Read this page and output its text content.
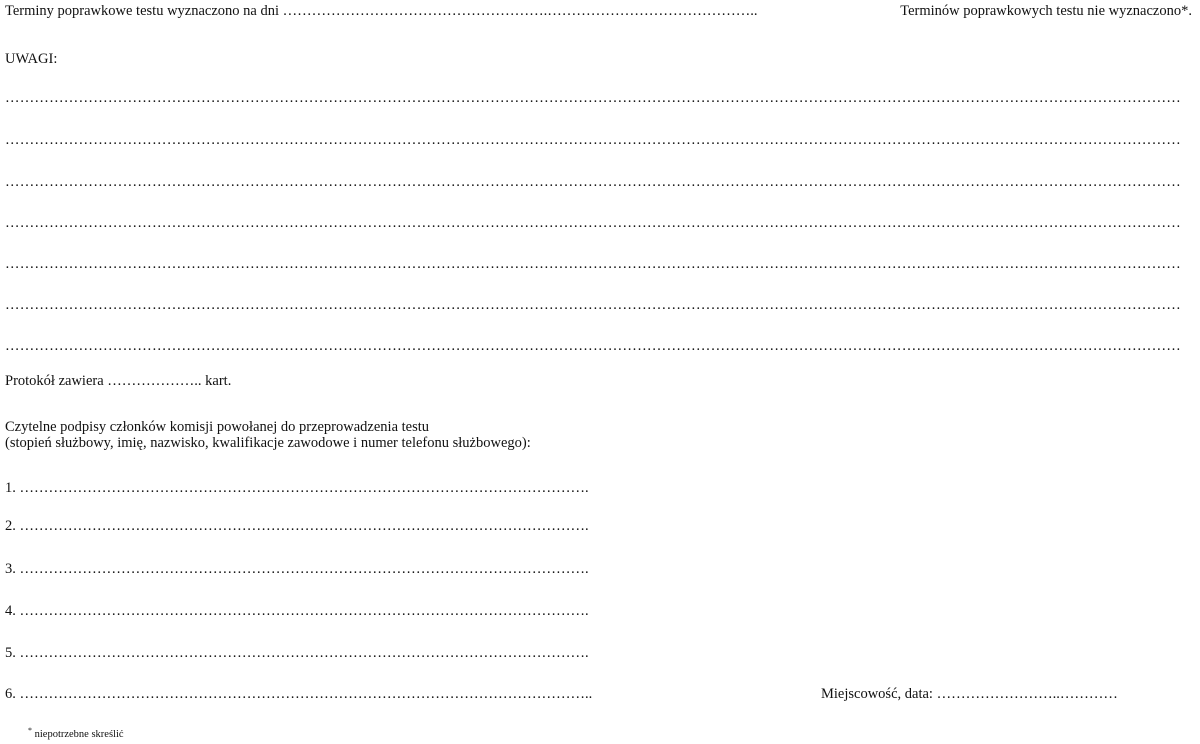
Terminy poprawkowe testu wyznaczono na dni ……………………………………………….……………………………………..	Terminów poprawkowych testu nie wyznaczono*.
UWAGI:
……………………………………………………………………………………………………………………………………………………………………………………………………………………
……………………………………………………………………………………………………………………………………………………………………………………………………………………
……………………………………………………………………………………………………………………………………………………………………………………………………………………
……………………………………………………………………………………………………………………………………………………………………………………………………………………
……………………………………………………………………………………………………………………………………………………………………………………………………………………
……………………………………………………………………………………………………………………………………………………………………………………………………………………
……………………………………………………………………………………………………………………………………………………………………………………………………………………
Protokół zawiera ……………….. kart.
Czytelne podpisy członków komisji powołanej do przeprowadzenia testu
(stopień służbowy, imię, nazwisko, kwalifikacje zawodowe i numer telefonu służbowego):
1. ……………………………………………………………………………………………………….
2. ……………………………………………………………………………………………………….
3. ……………………………………………………………………………………………………….
4. ……………………………………………………………………………………………………….
5. ……………………………………………………………………………………………………….
6. ………………………………………………………………………………………………………..	Miejscowość, data: ……………………..…………
* niepotrzebne skreślić
